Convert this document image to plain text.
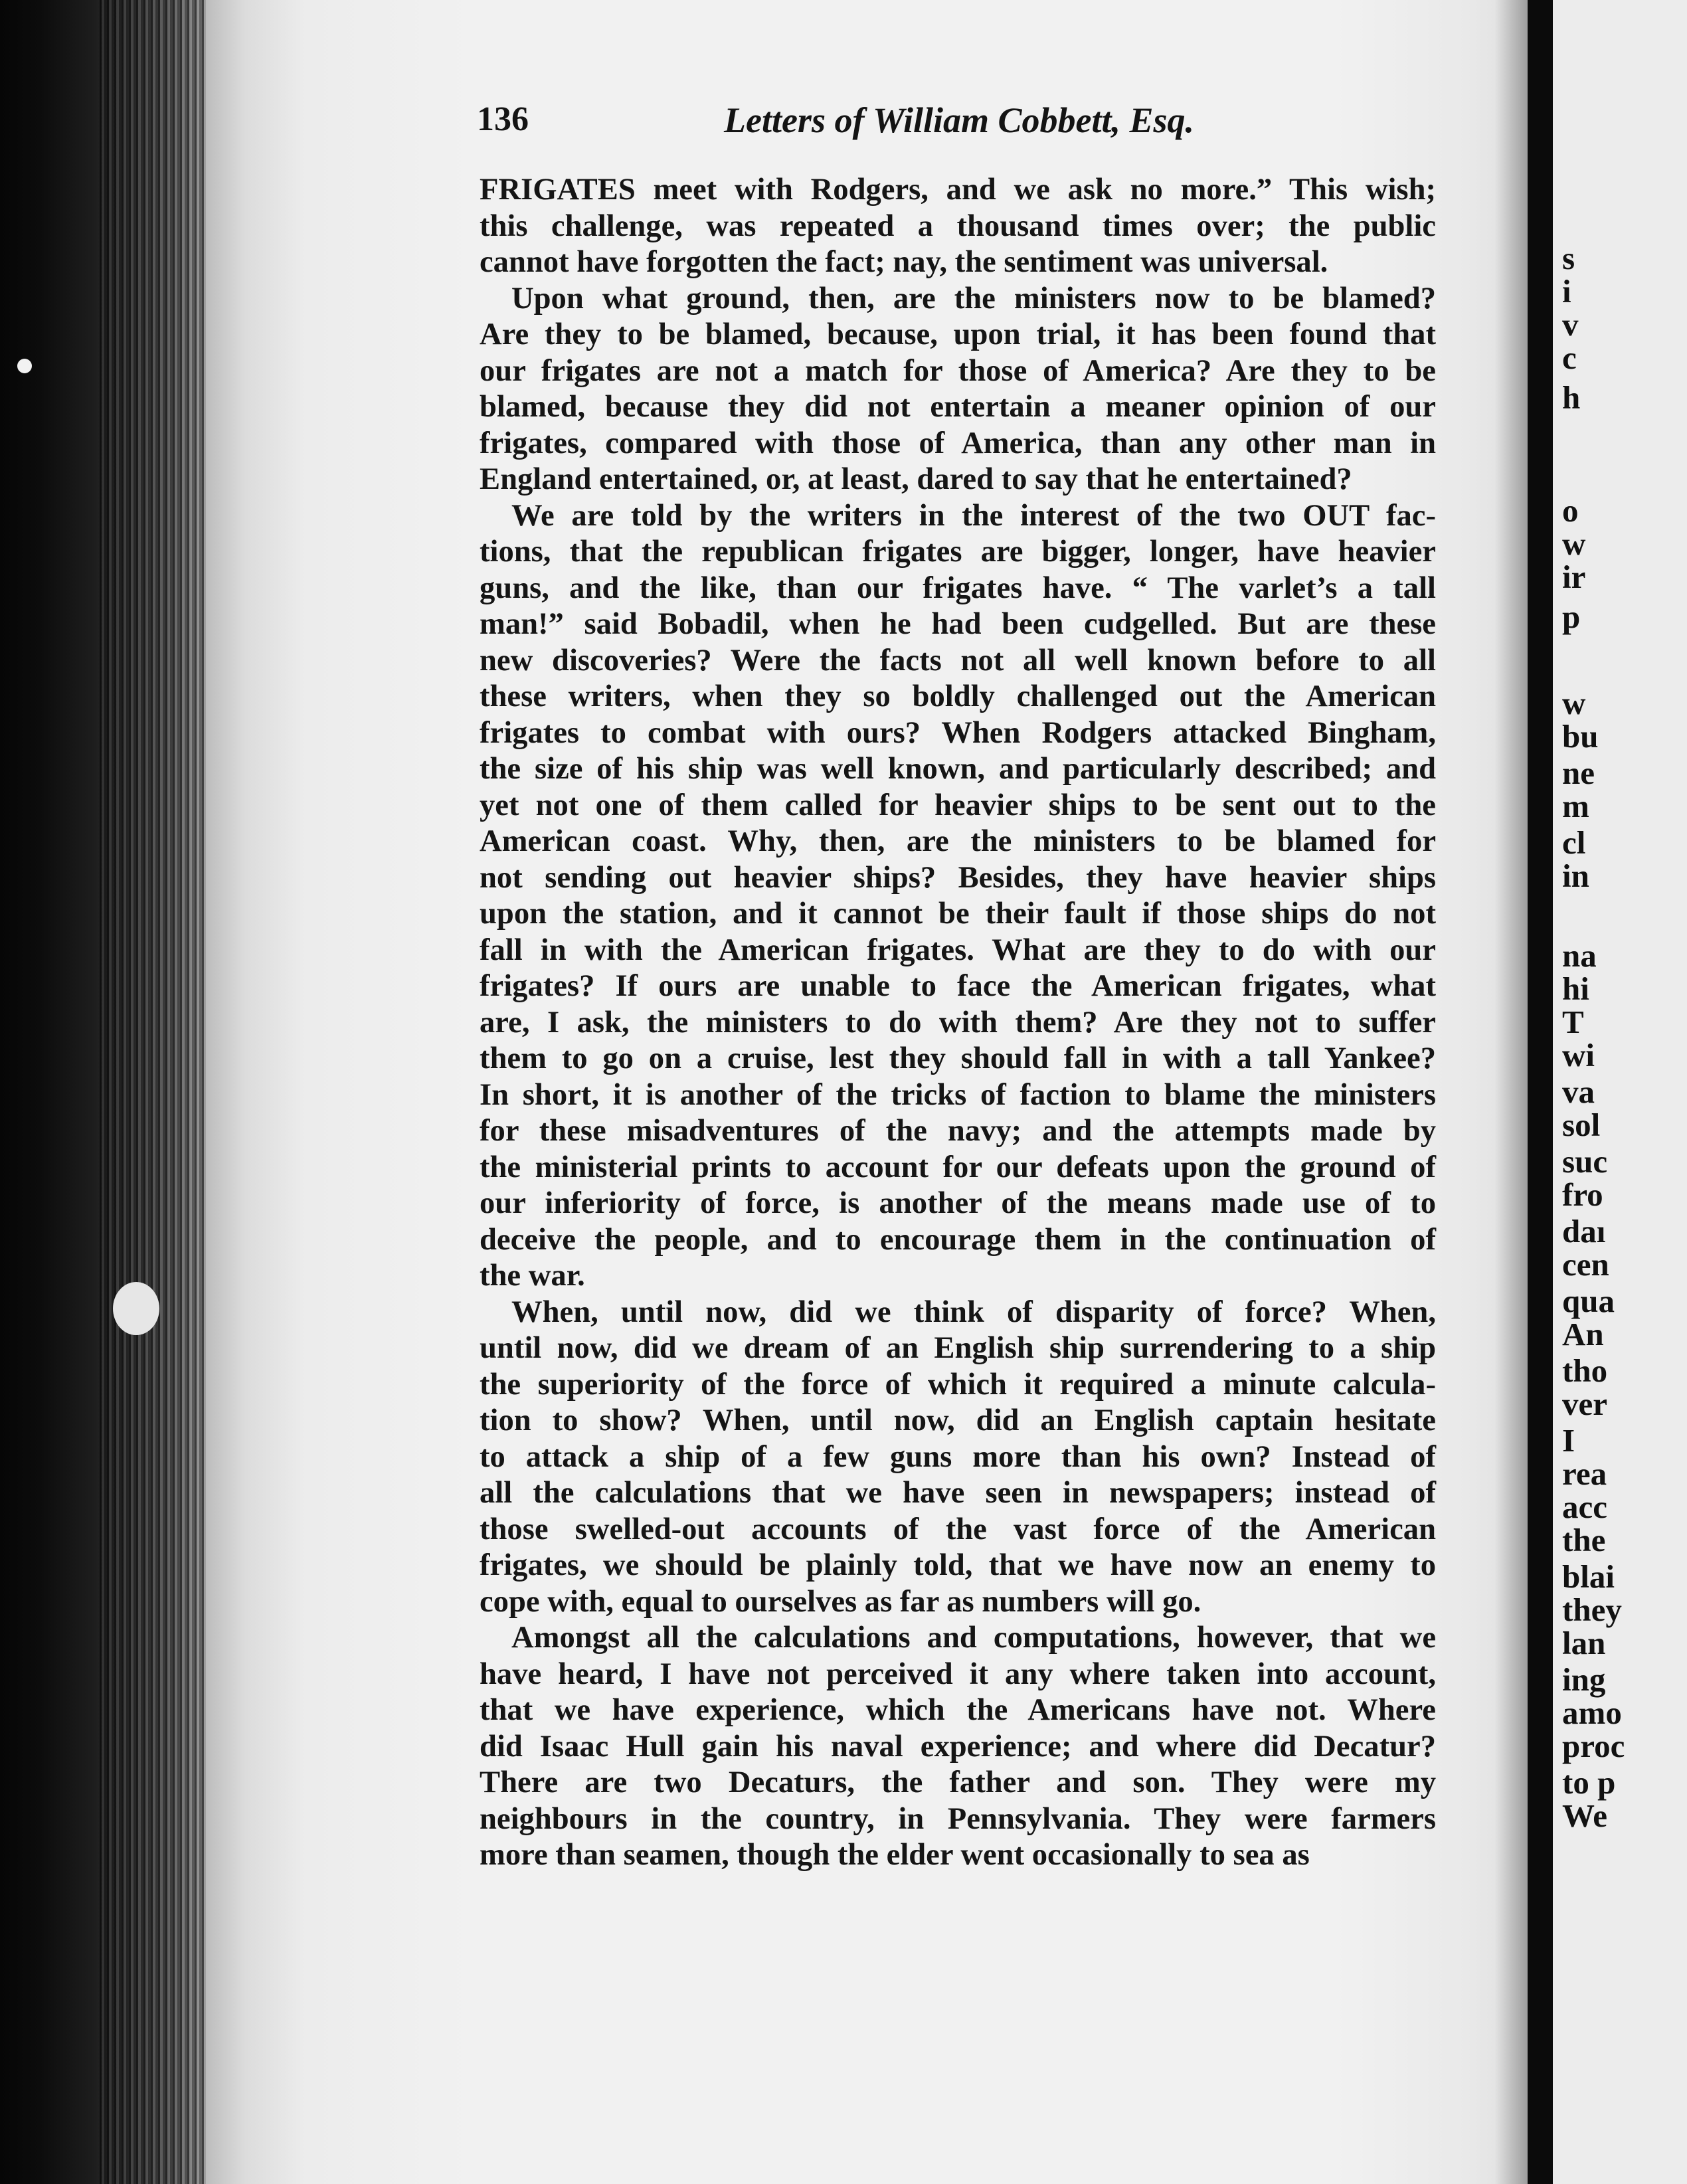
s
i
v
c
h
o
w
ir
p
w
bu
ne
m
cl
in
na
hi
T
wi
va
sol
suc
fro
daı
cen
qua
An
tho
ver
I
rea
acc
the
blai
they
lan
ing
amo
proc
to p
We
136	Letters of William Cobbett, Esq.
FRIGATES meet with Rodgers, and we ask no more.” This wish;
this challenge, was repeated a thousand times over; the public
cannot have forgotten the fact; nay, the sentiment was universal.
Upon what ground, then, are the ministers now to be blamed?
Are they to be blamed, because, upon trial, it has been found that
our frigates are not a match for those of America? Are they to be
blamed, because they did not entertain a meaner opinion of our
frigates, compared with those of America, than any other man in
England entertained, or, at least, dared to say that he entertained?
We are told by the writers in the interest of the two OUT fac-
tions, that the republican frigates are bigger, longer, have heavier
guns, and the like, than our frigates have. “ The varlet’s a tall
man!” said Bobadil, when he had been cudgelled. But are these
new discoveries? Were the facts not all well known before to all
these writers, when they so boldly challenged out the American
frigates to combat with ours? When Rodgers attacked Bingham,
the size of his ship was well known, and particularly described; and
yet not one of them called for heavier ships to be sent out to the
American coast. Why, then, are the ministers to be blamed for
not sending out heavier ships? Besides, they have heavier ships
upon the station, and it cannot be their fault if those ships do not
fall in with the American frigates. What are they to do with our
frigates? If ours are unable to face the American frigates, what
are, I ask, the ministers to do with them? Are they not to suffer
them to go on a cruise, lest they should fall in with a tall Yankee?
In short, it is another of the tricks of faction to blame the ministers
for these misadventures of the navy; and the attempts made by
the ministerial prints to account for our defeats upon the ground of
our inferiority of force, is another of the means made use of to
deceive the people, and to encourage them in the continuation of
the war.
When, until now, did we think of disparity of force? When,
until now, did we dream of an English ship surrendering to a ship
the superiority of the force of which it required a minute calcula-
tion to show? When, until now, did an English captain hesitate
to attack a ship of a few guns more than his own? Instead of
all the calculations that we have seen in newspapers; instead of
those swelled-out accounts of the vast force of the American
frigates, we should be plainly told, that we have now an enemy to
cope with, equal to ourselves as far as numbers will go.
Amongst all the calculations and computations, however, that we
have heard, I have not perceived it any where taken into account,
that we have experience, which the Americans have not. Where
did Isaac Hull gain his naval experience; and where did Decatur?
There are two Decaturs, the father and son. They were my
neighbours in the country, in Pennsylvania. They were farmers
more than seamen, though the elder went occasionally to sea as
